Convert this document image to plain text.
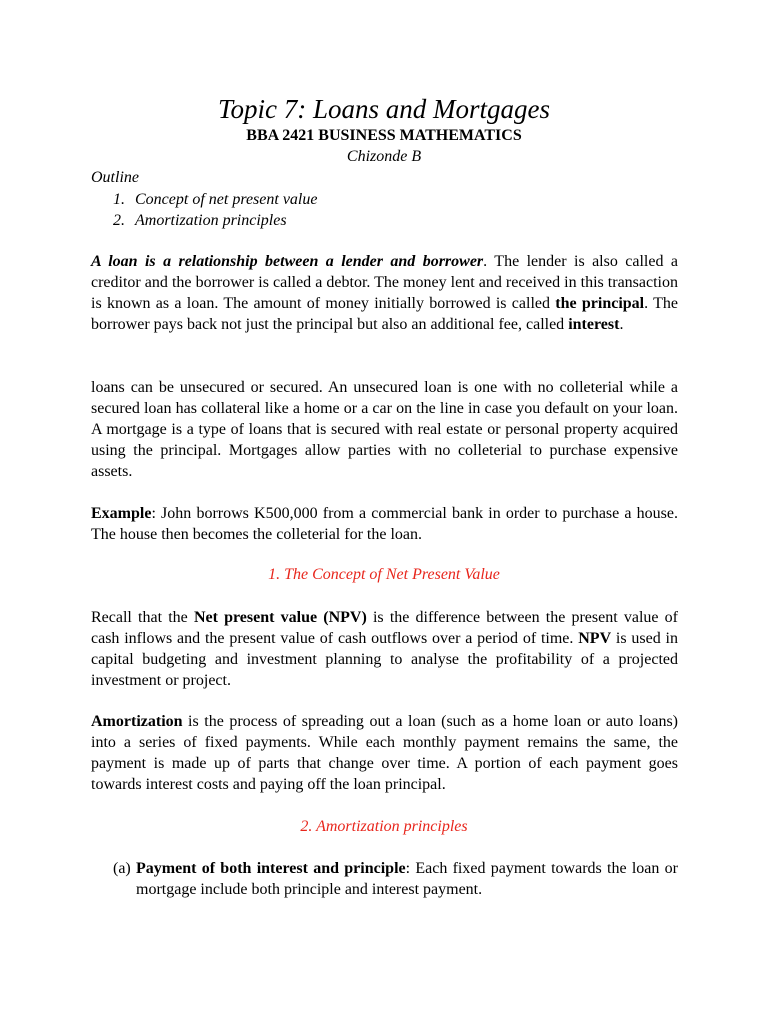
Topic 7: Loans and Mortgages
BBA 2421 BUSINESS MATHEMATICS
Chizonde B
Outline
1. Concept of net present value
2. Amortization principles

A loan is a relationship between a lender and borrower. The lender is also called a creditor and the borrower is called a debtor. The money lent and received in this transaction is known as a loan. The amount of money initially borrowed is called the principal. The borrower pays back not just the principal but also an additional fee, called interest.

loans can be unsecured or secured. An unsecured loan is one with no colleterial while a secured loan has collateral like a home or a car on the line in case you default on your loan. A mortgage is a type of loans that is secured with real estate or personal property acquired using the principal. Mortgages allow parties with no colleterial to purchase expensive assets.

Example: John borrows K500,000 from a commercial bank in order to purchase a house. The house then becomes the colleterial for the loan.

1. The Concept of Net Present Value

Recall that the Net present value (NPV) is the difference between the present value of cash inflows and the present value of cash outflows over a period of time. NPV is used in capital budgeting and investment planning to analyse the profitability of a projected investment or project.

Amortization is the process of spreading out a loan (such as a home loan or auto loans) into a series of fixed payments. While each monthly payment remains the same, the payment is made up of parts that change over time. A portion of each payment goes towards interest costs and paying off the loan principal.

2. Amortization principles
(a) Payment of both interest and principle: Each fixed payment towards the loan or mortgage include both principle and interest payment.
